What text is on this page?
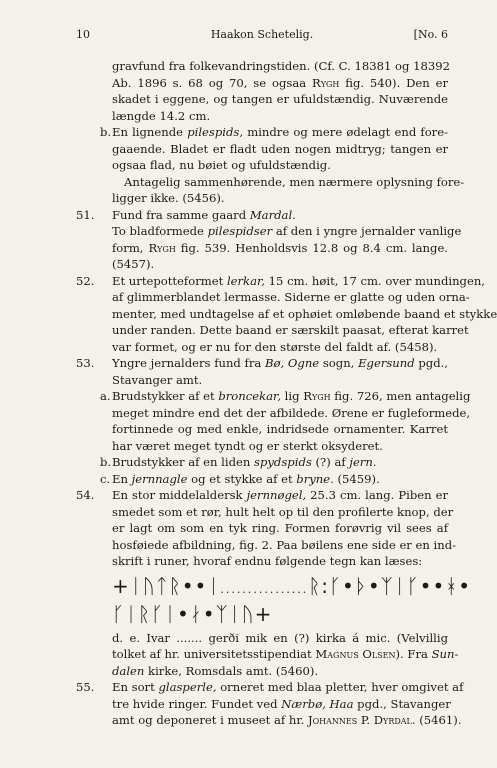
10	Haakon Schetelig.	[No. 6
gravfund fra folkevandringstiden. (Cf. C. 18381 og 18392
Ab. 1896 s. 68 og 70, se ogsaa Rygh fig. 540). Den er
skadet i eggene, og tangen er ufuldstændig. Nuværende
længde 14.2 cm.
b.En lignende pilespids, mindre og mere ødelagt end fore-
gaaende. Bladet er fladt uden nogen midtryg; tangen er
ogsaa flad, nu bøiet og ufuldstændig.
Antagelig sammenhørende, men nærmere oplysning fore-
ligger ikke. (5456).
51. Fund fra samme gaard Mardal.
To bladformede pilespidser af den i yngre jernalder vanlige
form, Rygh fig. 539. Henholdsvis 12.8 og 8.4 cm. lange.
(5457).
52. Et urtepotteformet lerkar, 15 cm. høit, 17 cm. over mundingen,
af glimmerblandet lermasse. Siderne er glatte og uden orna-
menter, med undtagelse af et ophøiet omløbende baand et stykke
under randen. Dette baand er særskilt paasat, efterat karret
var formet, og er nu for den største del faldt af. (5458).
53. Yngre jernalders fund fra Bø, Ogne sogn, Egersund pgd.,
Stavanger amt.
a.Brudstykker af et broncekar, lig Rygh fig. 726, men antagelig
meget mindre end det der afbildede. Ørene er fugleformede,
fortinnede og med enkle, indridsede ornamenter. Karret
har været meget tyndt og er sterkt oksyderet.
b.Brudstykker af en liden spydspids (?) af jern.
c. En jernnagle og et stykke af et bryne. (5459).
54. En stor middelaldersk jernnøgel, 25.3 cm. lang. Piben er
smedet som et rør, hult helt op til den profilerte knop, der
er lagt om som en tyk ring. Formen forøvrig vil sees af
hosføiede afbildning, fig. 2. Paa bøilens ene side er en ind-
skrift i runer, hvoraf endnu følgende tegn kan læses:
+ᛁᚢᛏᚱ••ᛁ................ᚱ:ᚴ•ᚦ•ᛉᛁᚴ••ᚼ•
ᚴᛁᚱᚴᛁ•ᛅ•ᛉᛁᚢ+
d. e. Ivar ....... gerði mik en (?) kirka á mic. (Velvillig
tolket af hr. universitetsstipendiat Magnus Olsen). Fra Sun-
dalen kirke, Romsdals amt. (5460).
55. En sort glasperle, orneret med blaa pletter, hver omgivet af
tre hvide ringer. Fundet ved Nærbø, Haa pgd., Stavanger
amt og deponeret i museet af hr. Johannes P. Dyrdal. (5461).
